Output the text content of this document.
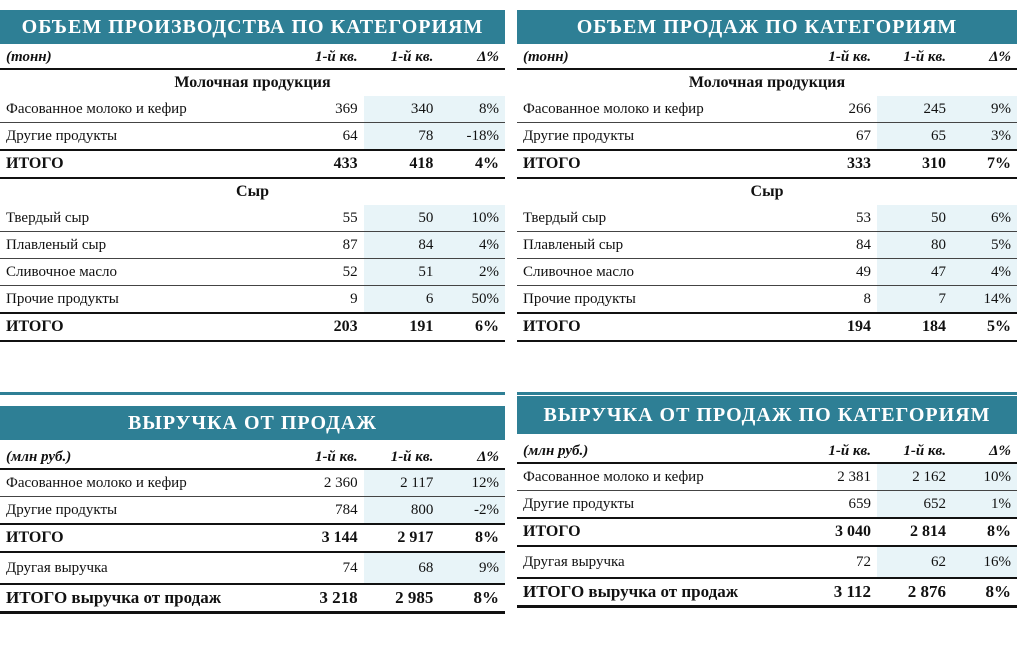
ОБЪЕМ ПРОИЗВОДСТВА ПО КАТЕГОРИЯМ
(тонн)	1-й кв.	1-й кв.	Δ%
Молочная продукция			
Фасованное молоко и кефир	369	340	8%
Другие продукты	64	78	-18%
ИТОГО	433	418	4%
Сыр			
Твердый сыр	55	50	10%
Плавленый сыр	87	84	4%
Сливочное масло	52	51	2%
Прочие продукты	9	6	50%
ИТОГО	203	191	6%
ОБЪЕМ ПРОДАЖ ПО КАТЕГОРИЯМ
(тонн)	1-й кв.	1-й кв.	Δ%
Молочная продукция			
Фасованное молоко и кефир	266	245	9%
Другие продукты	67	65	3%
ИТОГО	333	310	7%
Сыр			
Твердый сыр	53	50	6%
Плавленый сыр	84	80	5%
Сливочное масло	49	47	4%
Прочие продукты	8	7	14%
ИТОГО	194	184	5%
ВЫРУЧКА ОТ ПРОДАЖ
(млн руб.)	1-й кв.	1-й кв.	Δ%
Фасованное молоко и кефир	2 360	2 117	12%
Другие продукты	784	800	-2%
ИТОГО	3 144	2 917	8%
Другая выручка	74	68	9%
ИТОГО выручка от продаж	3 218	2 985	8%
ВЫРУЧКА ОТ ПРОДАЖ ПО КАТЕГОРИЯМ
(млн руб.)	1-й кв.	1-й кв.	Δ%
Фасованное молоко и кефир	2 381	2 162	10%
Другие продукты	659	652	1%
ИТОГО	3 040	2 814	8%
Другая выручка	72	62	16%
ИТОГО выручка от продаж	3 112	2 876	8%
